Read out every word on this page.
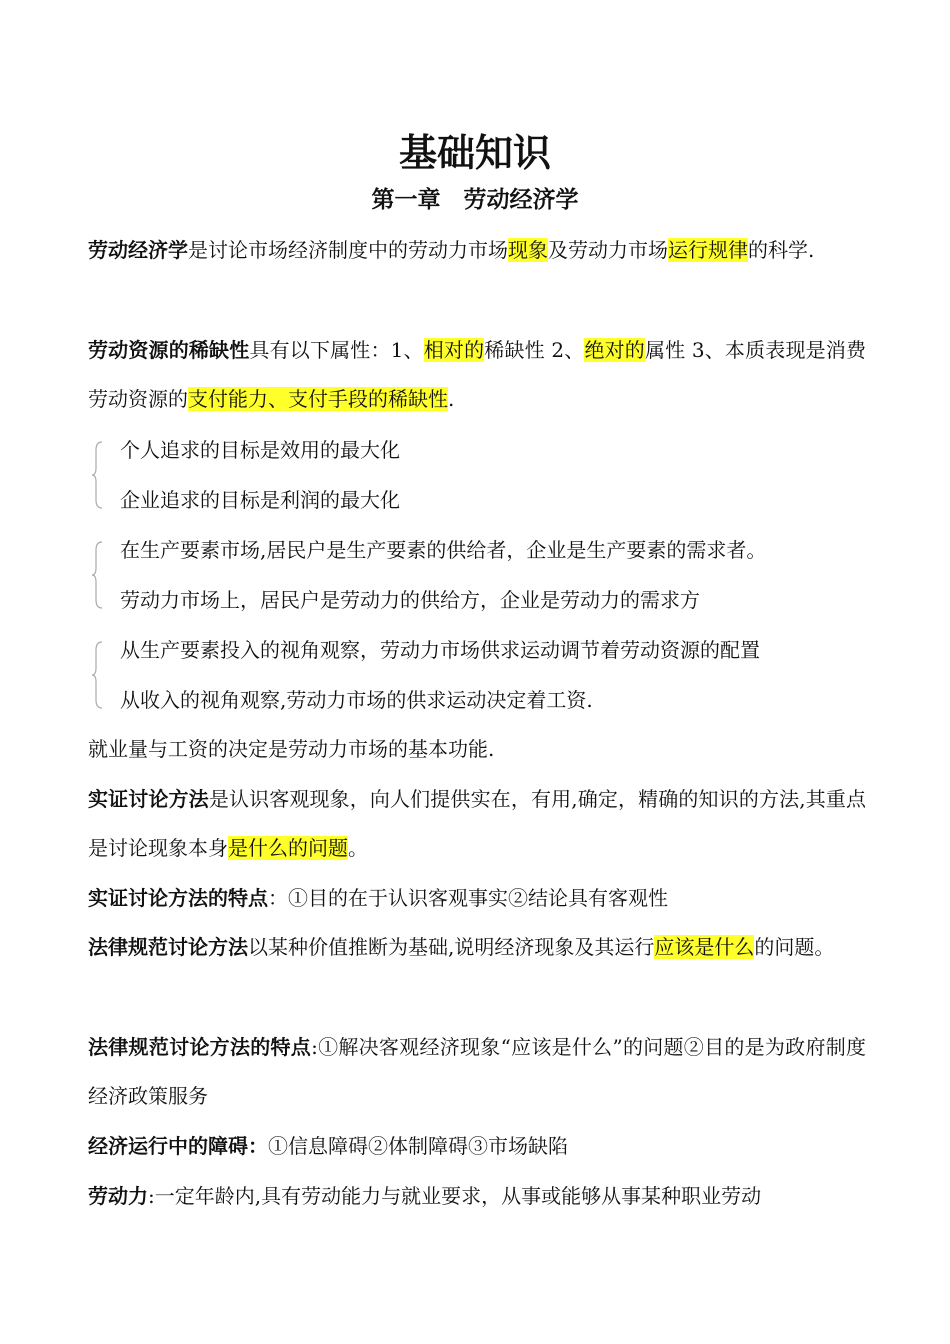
基础知识
第一章　劳动经济学

劳动经济学是讨论市场经济制度中的劳动力市场现象及劳动力市场运行规律的科学.

劳动资源的稀缺性具有以下属性：1、相对的稀缺性 2、绝对的属性 3、本质表现是消费劳动资源的支付能力、支付手段的稀缺性.

个人追求的目标是效用的最大化

企业追求的目标是利润的最大化

在生产要素市场,居民户是生产要素的供给者，企业是生产要素的需求者。

劳动力市场上，居民户是劳动力的供给方，企业是劳动力的需求方

从生产要素投入的视角观察，劳动力市场供求运动调节着劳动资源的配置

从收入的视角观察,劳动力市场的供求运动决定着工资.

就业量与工资的决定是劳动力市场的基本功能.

实证讨论方法是认识客观现象，向人们提供实在，有用,确定，精确的知识的方法,其重点是讨论现象本身是什么的问题。

实证讨论方法的特点：①目的在于认识客观事实②结论具有客观性

法律规范讨论方法以某种价值推断为基础,说明经济现象及其运行应该是什么的问题。

法律规范讨论方法的特点:①解决客观经济现象“应该是什么”的问题②目的是为政府制度经济政策服务

经济运行中的障碍：①信息障碍②体制障碍③市场缺陷

劳动力:一定年龄内,具有劳动能力与就业要求，从事或能够从事某种职业劳动
